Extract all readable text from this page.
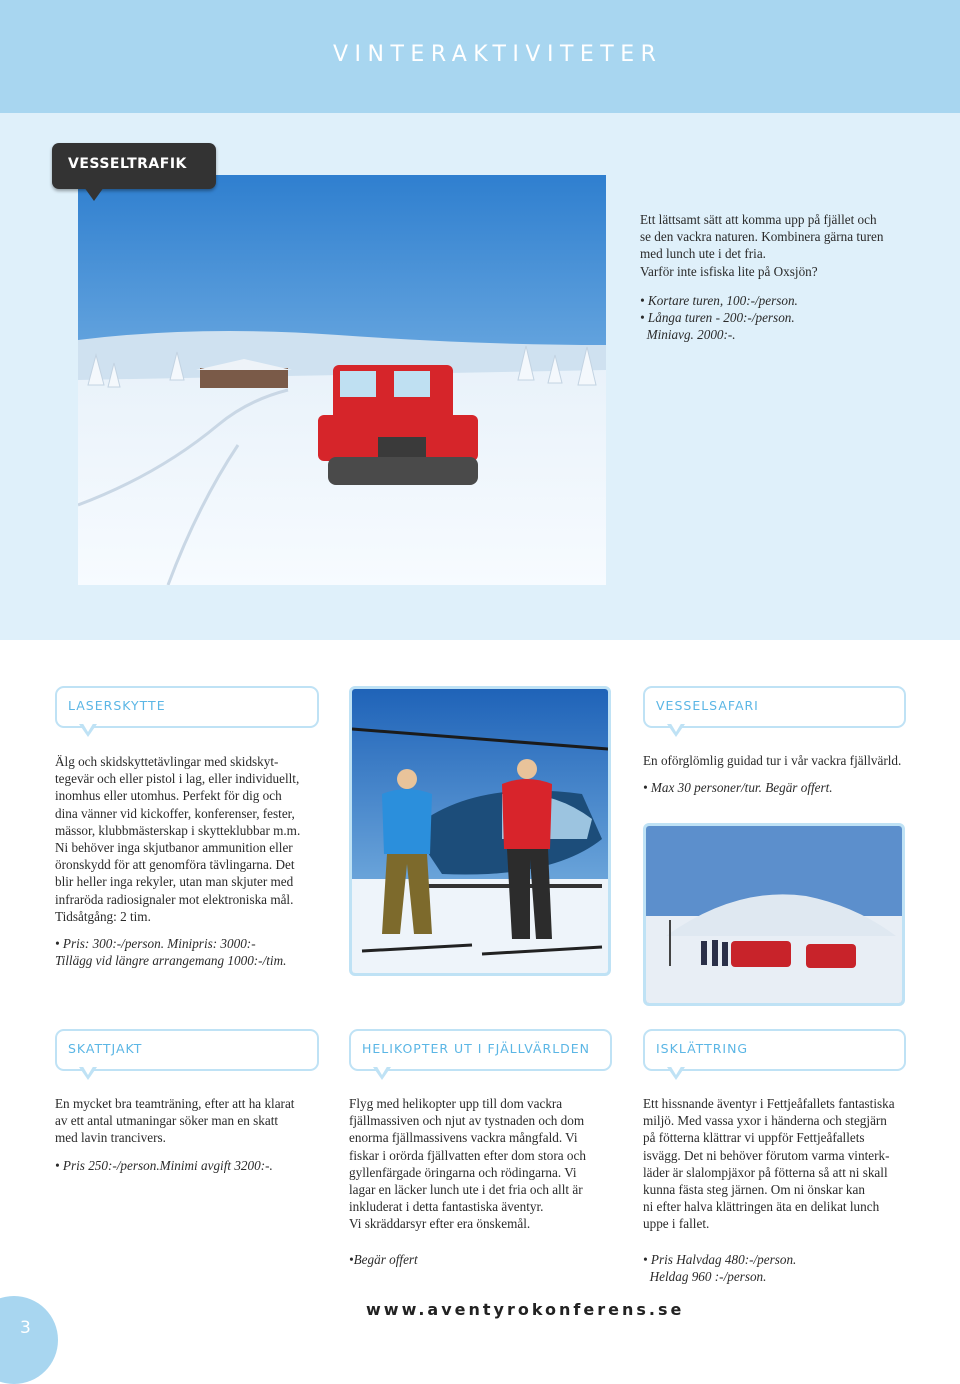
VINTERAKTIVITETER
VESSELTRAFIK

Ett lättsamt sätt att komma upp på fjället och

se den vackra naturen. Kombinera gärna turen

med lunch ute i det fria.

Varför inte isfiska lite på Oxsjön?

• Kortare turen, 100:-/person.

• Långa turen - 200:-/person.

Miniavg. 2000:-.

LASERSKYTTE

Älg och skidskyttetävlingar med skidskyt-

tegevär och eller pistol i lag, eller individuellt,

inomhus eller utomhus. Perfekt för dig och

dina vänner vid kickoffer, konferenser, fester,

mässor, klubbmästerskap i skytteklubbar m.m.

Ni behöver inga skjutbanor ammunition eller

öronskydd för att genomföra tävlingarna. Det

blir heller inga rekyler, utan man skjuter med

infraröda radiosignaler mot elektroniska mål.

Tidsåtgång: 2 tim.

• Pris: 300:-/person. Minipris: 3000:-

Tillägg vid längre arrangemang 1000:-/tim.

VESSELSAFARI

En oförglömlig guidad tur i vår vackra fjällvärld.

• Max 30 personer/tur. Begär offert.

SKATTJAKT

En mycket bra teamträning, efter att ha klarat

av ett antal utmaningar söker man en skatt

med lavin trancivers.

• Pris 250:-/person.Minimi avgift 3200:-.

HELIKOPTER UT I FJÄLLVÄRLDEN

Flyg med helikopter upp till dom vackra

fjällmassiven och njut av tystnaden och dom

enorma fjällmassivens vackra mångfald. Vi

fiskar i orörda fjällvatten efter dom stora och

gyllenfärgade öringarna och rödingarna. Vi

lagar en läcker lunch ute i det fria och allt är

inkluderat i detta fantastiska äventyr.

Vi skräddarsyr efter era önskemål.

•Begär offert

ISKLÄTTRING

Ett hissnande äventyr i Fettjeåfallets fantastiska

miljö. Med vassa yxor i händerna och stegjärn

på fötterna klättrar vi uppför Fettjeåfallets

isvägg. Det ni behöver förutom varma vinterk-

läder är slalompjäxor på fötterna så att ni skall

kunna fästa steg järnen. Om ni önskar kan

ni efter halva klättringen äta en delikat lunch

uppe i fallet.

• Pris Halvdag 480:-/person.

Heldag 960 :-/person.

www.aventyrokonferens.se
3
